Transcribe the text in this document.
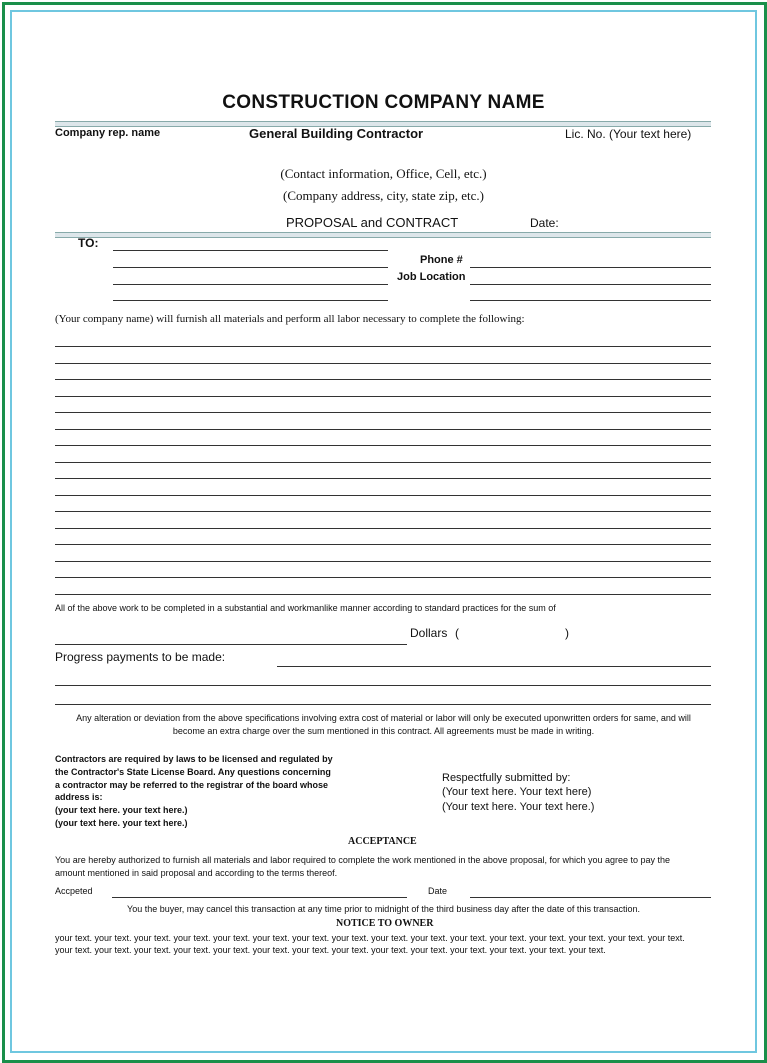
CONSTRUCTION COMPANY NAME
Company rep. name	General Building Contractor	Lic. No. (Your text here)
(Contact information, Office, Cell, etc.)
(Company address, city, state zip, etc.)
PROPOSAL and CONTRACT	Date:
TO:
Phone #
Job Location
(Your company name) will furnish all materials and perform all labor necessary to complete the following:
All of the above work to be completed in a substantial and workmanlike manner according to standard practices for the sum of
Dollars (	)
Progress payments to be made:
Any alteration or deviation from the above specifications involving extra cost of material or labor will only be executed uponwritten orders for same, and will
become an extra charge over the sum mentioned in this contract. All agreements must be made in writing.
Contractors are required by laws to be licensed and regulated by
the Contractor's State License Board. Any questions concerning
a contractor may be referred to the registrar of the board whose
address is:
(your text here. your text here.)
(your text here. your text here.)
Respectfully submitted by:
(Your text here. Your text here)
(Your text here. Your text here.)
ACCEPTANCE
You are hereby authorized to furnish all materials and labor required to complete the work mentioned in the above proposal, for which you agree to pay the
amount mentioned in said proposal and according to the terms thereof.
Accpeted	Date
You the buyer, may cancel this transaction at any time prior to midnight of the third business day after the date of this transaction.
NOTICE TO OWNER
your text. your text. your text. your text. your text. your text. your text. your text. your text. your text. your text. your text. your text. your text. your text. your text.
your text. your text. your text. your text. your text. your text. your text. your text. your text. your text. your text. your text. your text. your text.
